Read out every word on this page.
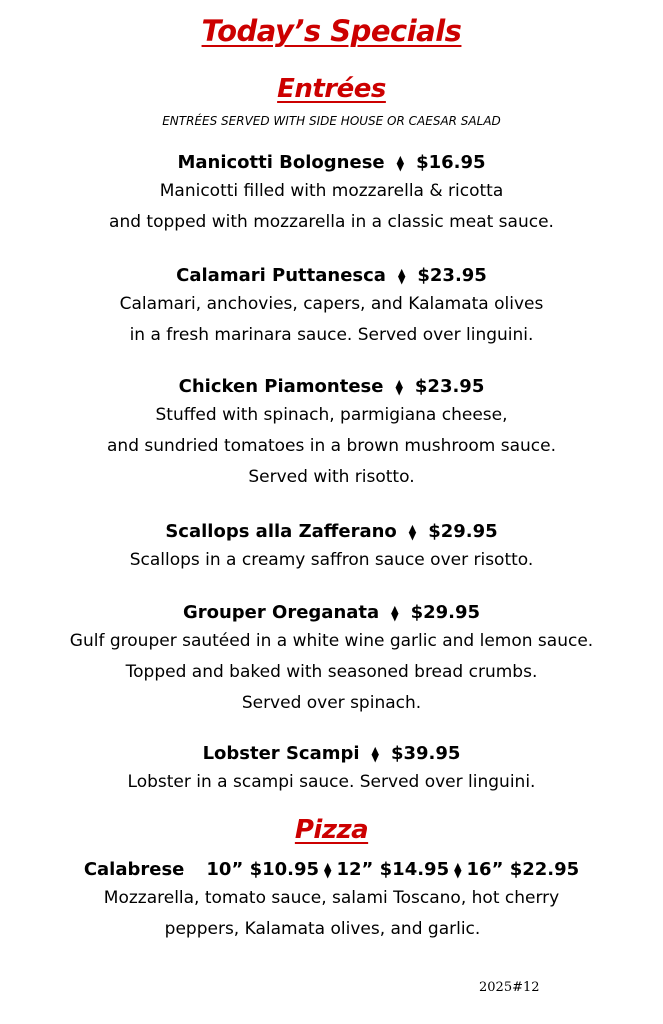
Today’s Specials
Entrées
ENTRÉES SERVED WITH SIDE HOUSE OR CAESAR SALAD
Manicotti Bolognese ⧫ $16.95
Manicotti filled with mozzarella & ricotta
and topped with mozzarella in a classic meat sauce.
Calamari Puttanesca ⧫ $23.95
Calamari, anchovies, capers, and Kalamata olives
in a fresh marinara sauce. Served over linguini.
Chicken Piamontese ⧫ $23.95
Stuffed with spinach, parmigiana cheese,
and sundried tomatoes in a brown mushroom sauce.
Served with risotto.
Scallops alla Zafferano ⧫ $29.95
Scallops in a creamy saffron sauce over risotto.
Grouper Oreganata ⧫ $29.95
Gulf grouper sautéed in a white wine garlic and lemon sauce.
Topped and baked with seasoned bread crumbs.
Served over spinach.
Lobster Scampi ⧫ $39.95
Lobster in a scampi sauce. Served over linguini.
Pizza
Calabrese 10” $10.95 ⧫ 12” $14.95 ⧫ 16” $22.95
Mozzarella, tomato sauce, salami Toscano, hot cherry
peppers, Kalamata olives, and garlic.
2025#12
